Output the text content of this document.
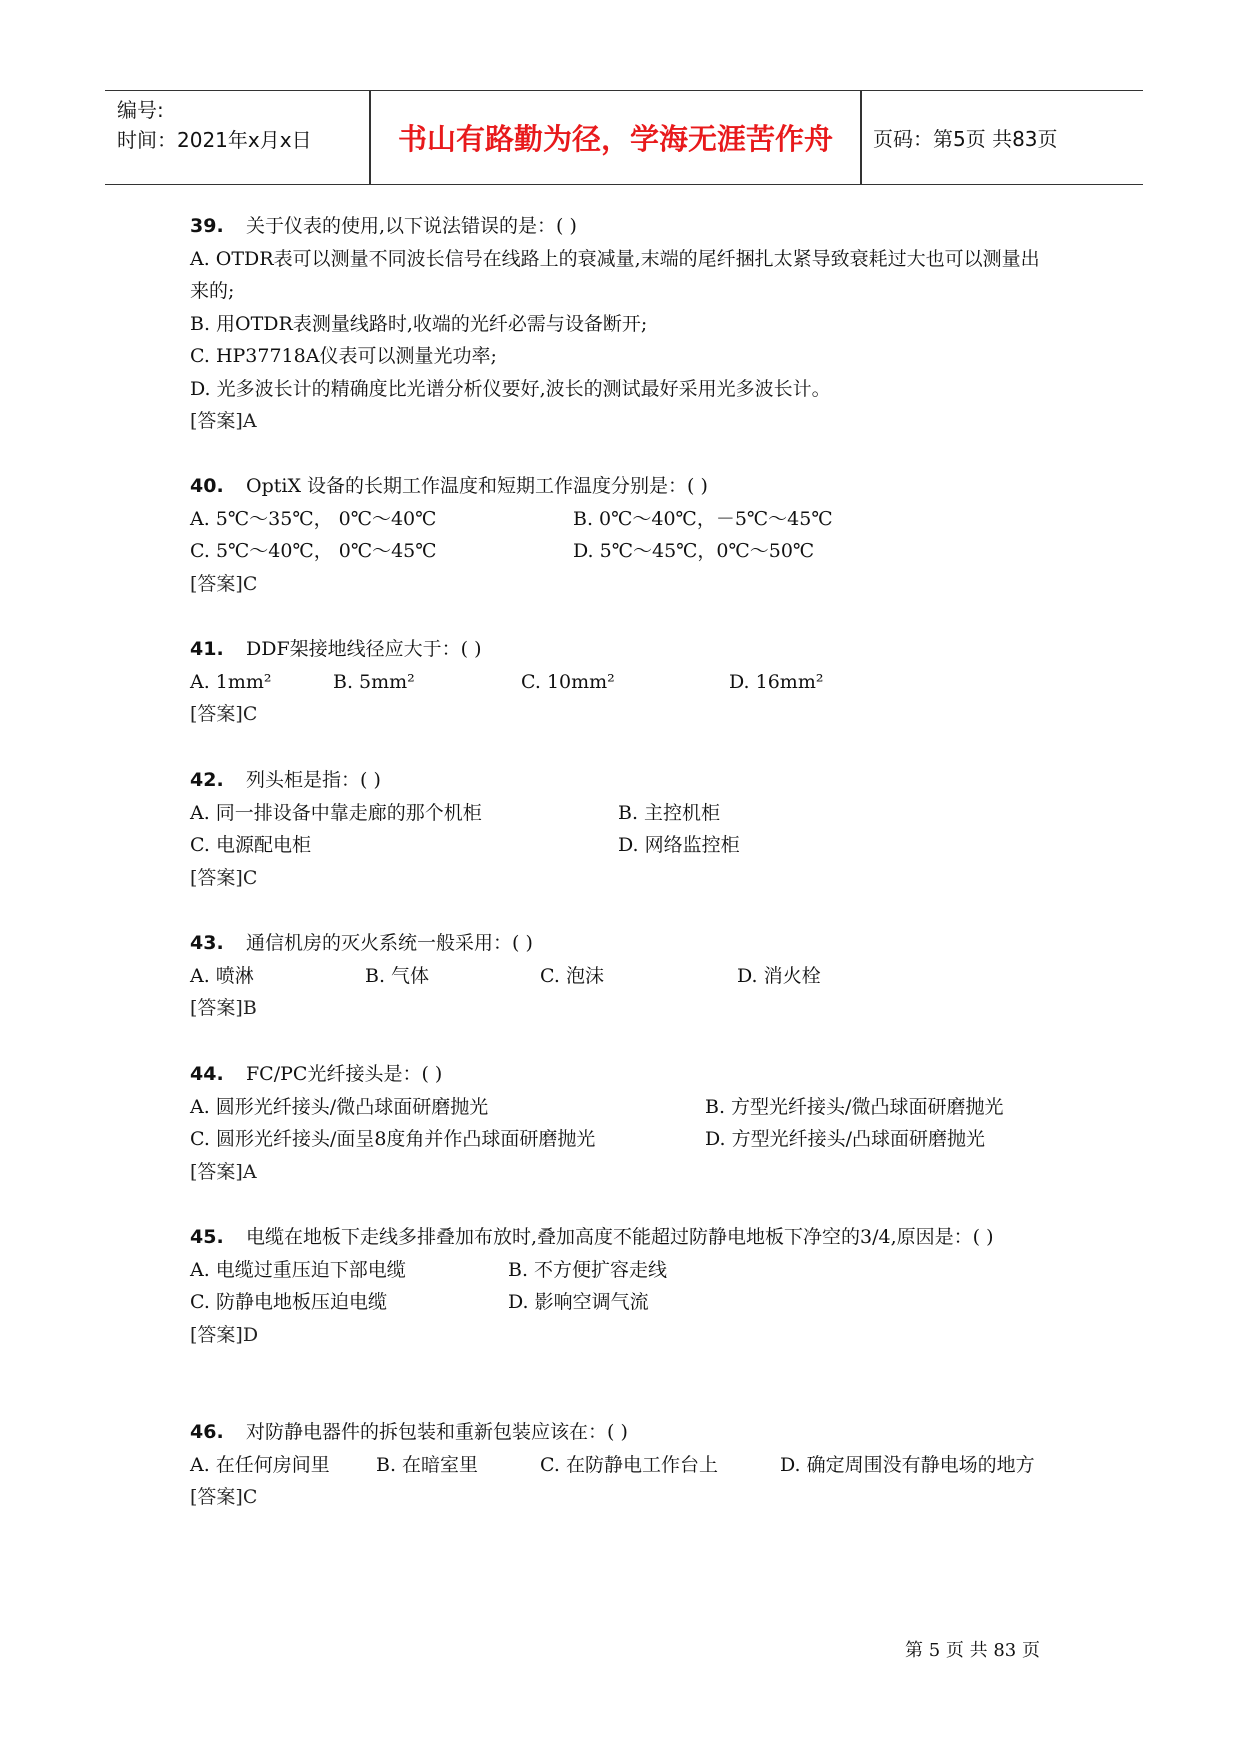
编号:
时间：2021年x月x日	书山有路勤为径，学海无涯苦作舟	页码：第5页 共83页
39. 关于仪表的使用,以下说法错误的是：( )
A. OTDR表可以测量不同波长信号在线路上的衰减量,末端的尾纤捆扎太紧导致衰耗过大也可以测量出来的;
B. 用OTDR表测量线路时,收端的光纤必需与设备断开;
C. HP37718A仪表可以测量光功率;
D. 光多波长计的精确度比光谱分析仪要好,波长的测试最好采用光多波长计。
[答案]A
40. OptiX 设备的长期工作温度和短期工作温度分别是：( )
A. 5℃～35℃， 0℃～40℃	B. 0℃～40℃，－5℃～45℃
C. 5℃～40℃， 0℃～45℃	D. 5℃～45℃，0℃～50℃
[答案]C
41. DDF架接地线径应大于：( )
A. 1mm²	B. 5mm²	C. 10mm²	D. 16mm²
[答案]C
42. 列头柜是指：( )
A. 同一排设备中靠走廊的那个机柜	B. 主控机柜
C. 电源配电柜	D. 网络监控柜
[答案]C
43. 通信机房的灭火系统一般采用：( )
A. 喷淋	B. 气体	C. 泡沫	D. 消火栓
[答案]B
44. FC/PC光纤接头是：( )
A. 圆形光纤接头/微凸球面研磨抛光	B. 方型光纤接头/微凸球面研磨抛光
C. 圆形光纤接头/面呈8度角并作凸球面研磨抛光	D. 方型光纤接头/凸球面研磨抛光
[答案]A
45. 电缆在地板下走线多排叠加布放时,叠加高度不能超过防静电地板下净空的3/4,原因是：( )
A. 电缆过重压迫下部电缆	B. 不方便扩容走线
C. 防静电地板压迫电缆	D. 影响空调气流
[答案]D
46. 对防静电器件的拆包装和重新包装应该在：( )
A. 在任何房间里 B. 在暗室里	C. 在防静电工作台上	D. 确定周围没有静电场的地方
[答案]C
第 5 页 共 83 页
